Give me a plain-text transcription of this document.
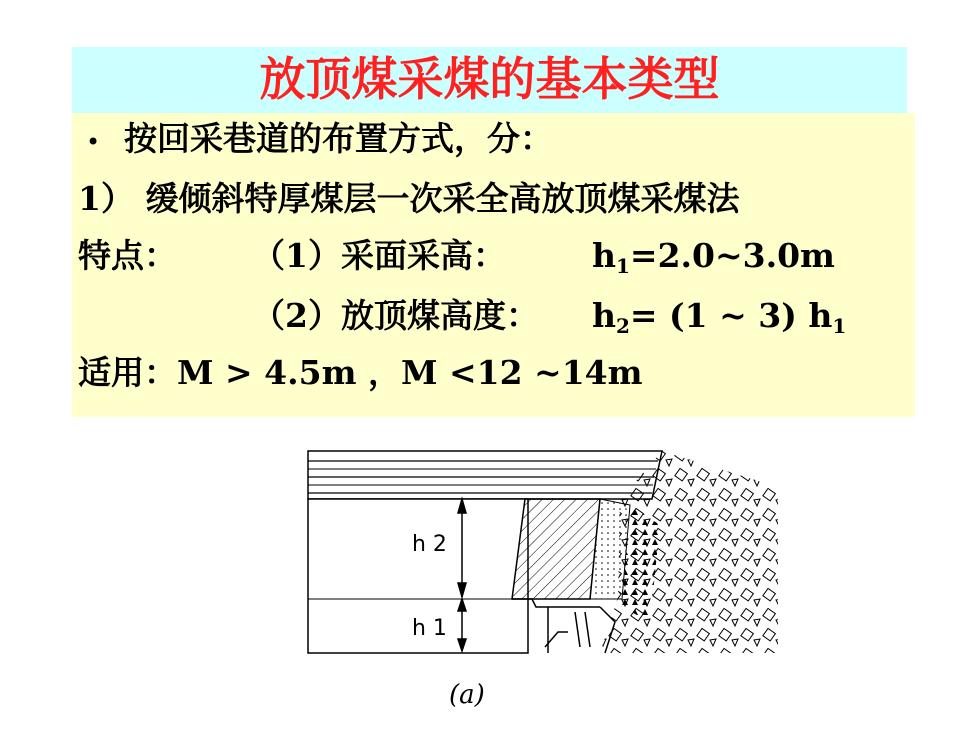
放顶煤采煤的基本类型
• 按回采巷道的布置方式，分：
1） 缓倾斜特厚煤层一次采全高放顶煤采煤法
特点： （1）采面采高：	h1=2.0~3.0m
（2）放顶煤高度： h2= (1 ~ 3) h1
适用：M > 4.5m ，M <12 ~14m
h 2
h 1
(a)
